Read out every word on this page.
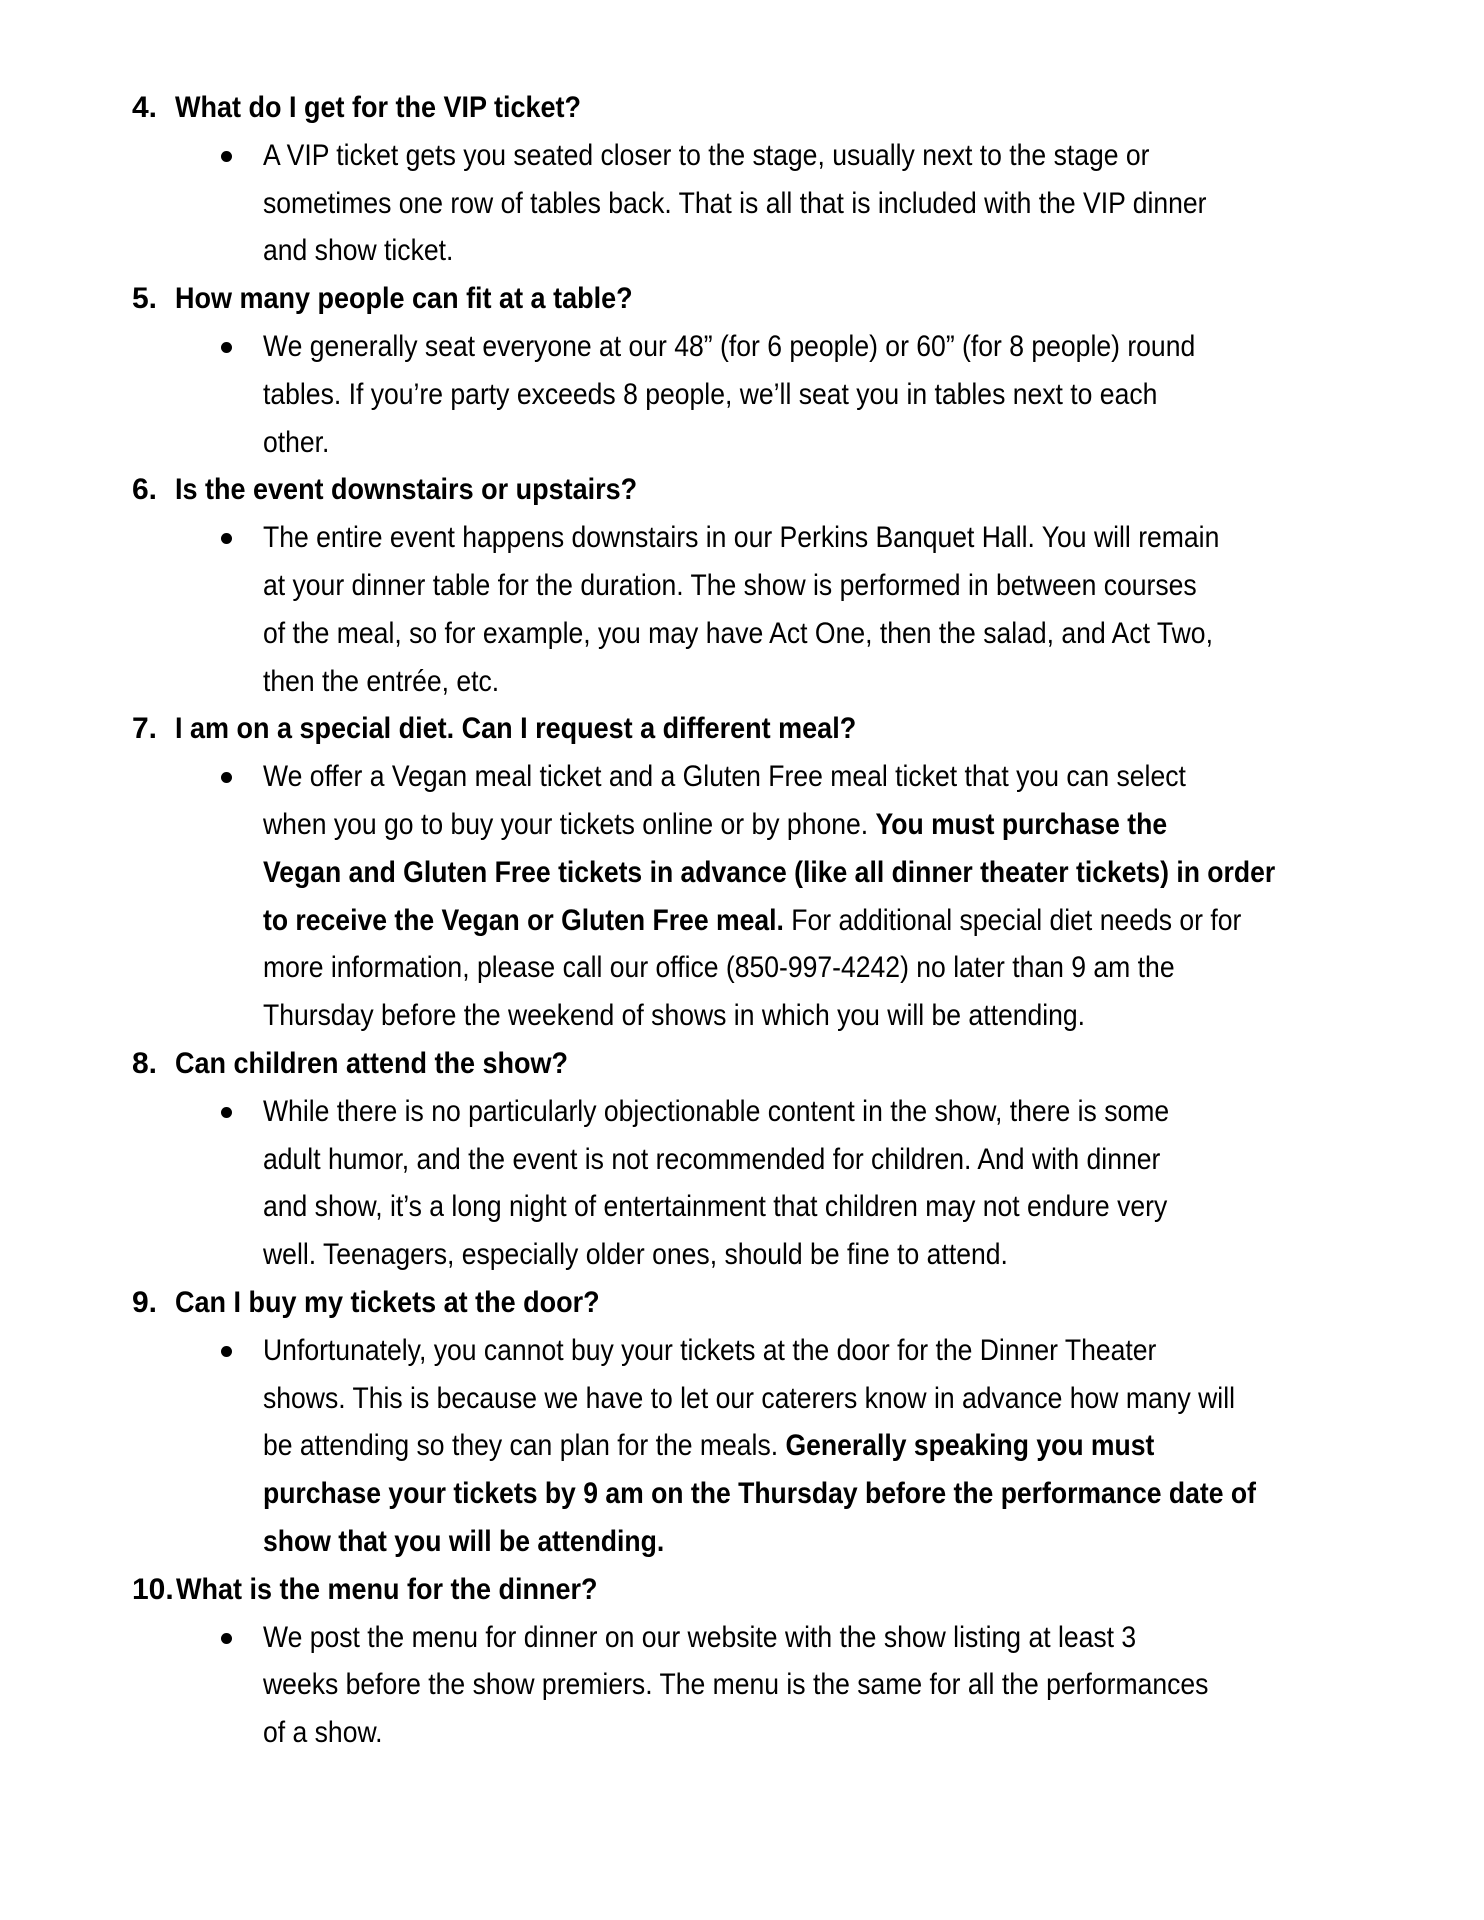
4. What do I get for the VIP ticket?
A VIP ticket gets you seated closer to the stage, usually next to the stage or
sometimes one row of tables back. That is all that is included with the VIP dinner
and show ticket.
5. How many people can fit at a table?
We generally seat everyone at our 48” (for 6 people) or 60” (for 8 people) round
tables. If you’re party exceeds 8 people, we’ll seat you in tables next to each
other.
6. Is the event downstairs or upstairs?
The entire event happens downstairs in our Perkins Banquet Hall. You will remain
at your dinner table for the duration. The show is performed in between courses
of the meal, so for example, you may have Act One, then the salad, and Act Two,
then the entrée, etc.
7. I am on a special diet. Can I request a different meal?
We offer a Vegan meal ticket and a Gluten Free meal ticket that you can select
when you go to buy your tickets online or by phone. You must purchase the
Vegan and Gluten Free tickets in advance (like all dinner theater tickets) in order
to receive the Vegan or Gluten Free meal. For additional special diet needs or for
more information, please call our office (850-997-4242) no later than 9 am the
Thursday before the weekend of shows in which you will be attending.
8. Can children attend the show?
While there is no particularly objectionable content in the show, there is some
adult humor, and the event is not recommended for children. And with dinner
and show, it’s a long night of entertainment that children may not endure very
well. Teenagers, especially older ones, should be fine to attend.
9. Can I buy my tickets at the door?
Unfortunately, you cannot buy your tickets at the door for the Dinner Theater
shows. This is because we have to let our caterers know in advance how many will
be attending so they can plan for the meals. Generally speaking you must
purchase your tickets by 9 am on the Thursday before the performance date of
show that you will be attending.
10.What is the menu for the dinner?
We post the menu for dinner on our website with the show listing at least 3
weeks before the show premiers. The menu is the same for all the performances
of a show.
